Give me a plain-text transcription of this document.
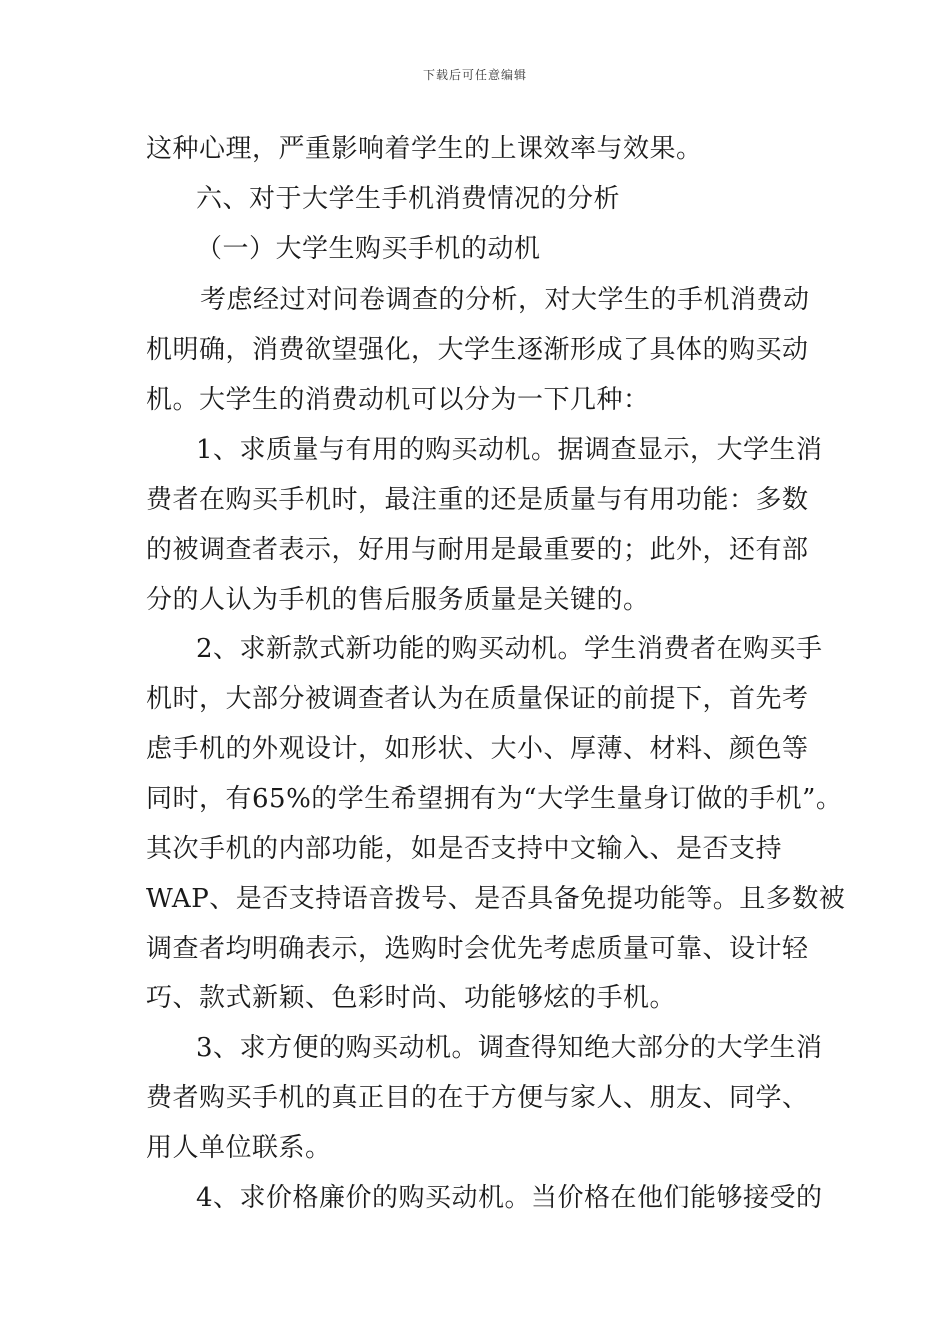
下载后可任意编辑
这种心理，严重影响着学生的上课效率与效果。
六、对于大学生手机消费情况的分析
（一）大学生购买手机的动机
考虑经过对问卷调查的分析，对大学生的手机消费动
机明确，消费欲望强化，大学生逐渐形成了具体的购买动
机。大学生的消费动机可以分为一下几种：
1、求质量与有用的购买动机。据调查显示，大学生消
费者在购买手机时，最注重的还是质量与有用功能：多数
的被调查者表示，好用与耐用是最重要的；此外，还有部
分的人认为手机的售后服务质量是关键的。
2、求新款式新功能的购买动机。学生消费者在购买手
机时，大部分被调查者认为在质量保证的前提下，首先考
虑手机的外观设计，如形状、大小、厚薄、材料、颜色等
同时，有65%的学生希望拥有为“大学生量身订做的手机”。
其次手机的内部功能，如是否支持中文输入、是否支持
WAP、是否支持语音拨号、是否具备免提功能等。且多数被
调查者均明确表示，选购时会优先考虑质量可靠、设计轻
巧、款式新颖、色彩时尚、功能够炫的手机。
3、求方便的购买动机。调查得知绝大部分的大学生消
费者购买手机的真正目的在于方便与家人、朋友、同学、
用人单位联系。
4、求价格廉价的购买动机。当价格在他们能够接受的
